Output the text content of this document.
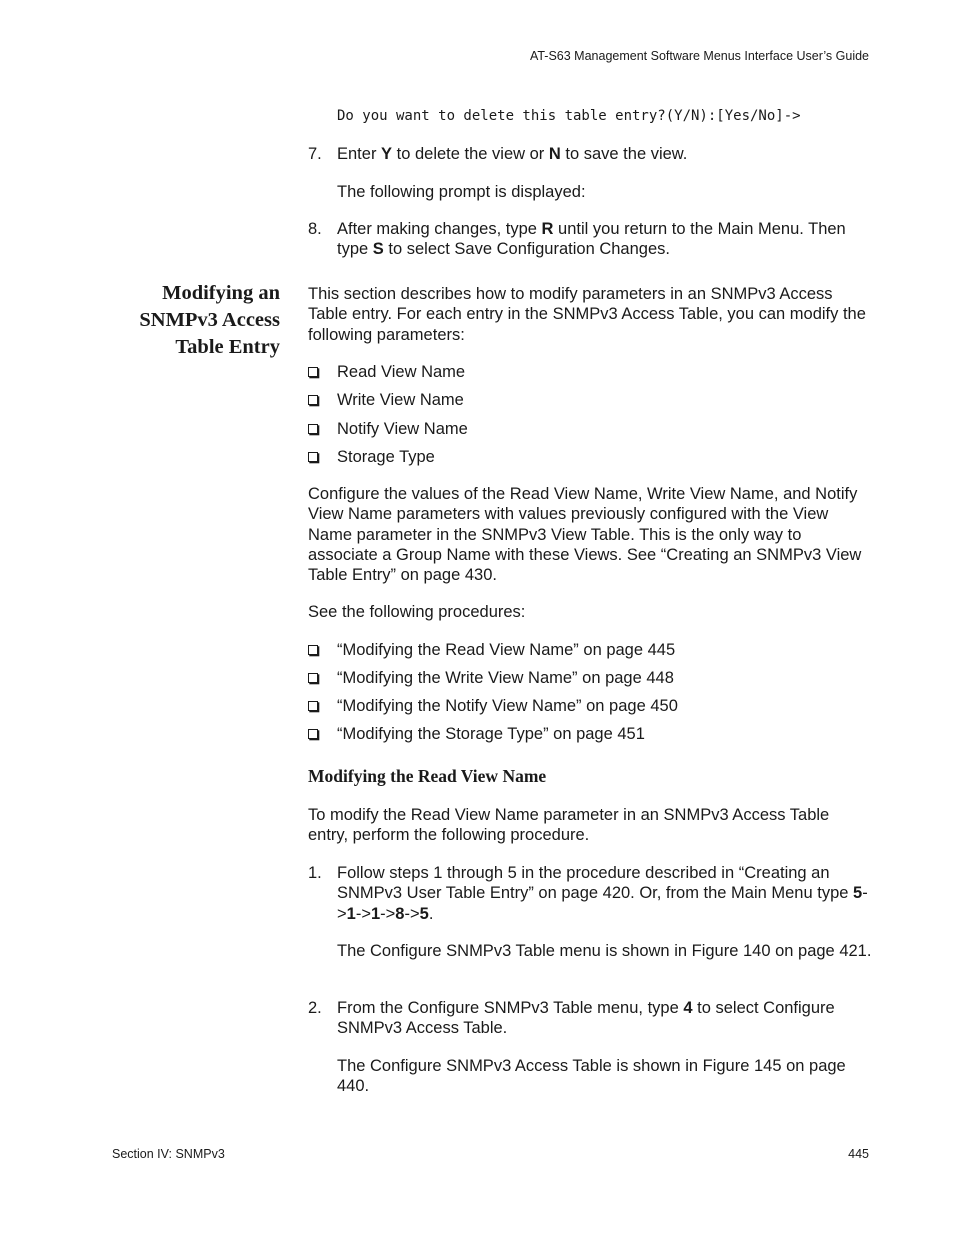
AT-S63 Management Software Menus Interface User’s Guide
Do you want to delete this table entry?(Y/N):[Yes/No]->
7. Enter Y to delete the view or N to save the view.
The following prompt is displayed:
8. After making changes, type R until you return to the Main Menu. Then
type S to select Save Configuration Changes.
Modifying an
SNMPv3 Access
Table Entry
This section describes how to modify parameters in an SNMPv3 Access Table entry. For each entry in the SNMPv3 Access Table, you can modify the following parameters:
Read View Name
Write View Name
Notify View Name
Storage Type
Configure the values of the Read View Name, Write View Name, and Notify View Name parameters with values previously configured with the View Name parameter in the SNMPv3 View Table. This is the only way to associate a Group Name with these Views. See “Creating an SNMPv3 View Table Entry” on page 430.
See the following procedures:
“Modifying the Read View Name” on page 445
“Modifying the Write View Name” on page 448
“Modifying the Notify View Name” on page 450
“Modifying the Storage Type” on page 451
Modifying the Read View Name
To modify the Read View Name parameter in an SNMPv3 Access Table entry, perform the following procedure.
1. Follow steps 1 through 5 in the procedure described in “Creating an SNMPv3 User Table Entry” on page 420. Or, from the Main Menu type 5->1->1->8->5.
The Configure SNMPv3 Table menu is shown in Figure 140 on page 421.
2. From the Configure SNMPv3 Table menu, type 4 to select Configure SNMPv3 Access Table.
The Configure SNMPv3 Access Table is shown in Figure 145 on page 440.
Section IV: SNMPv3	445
